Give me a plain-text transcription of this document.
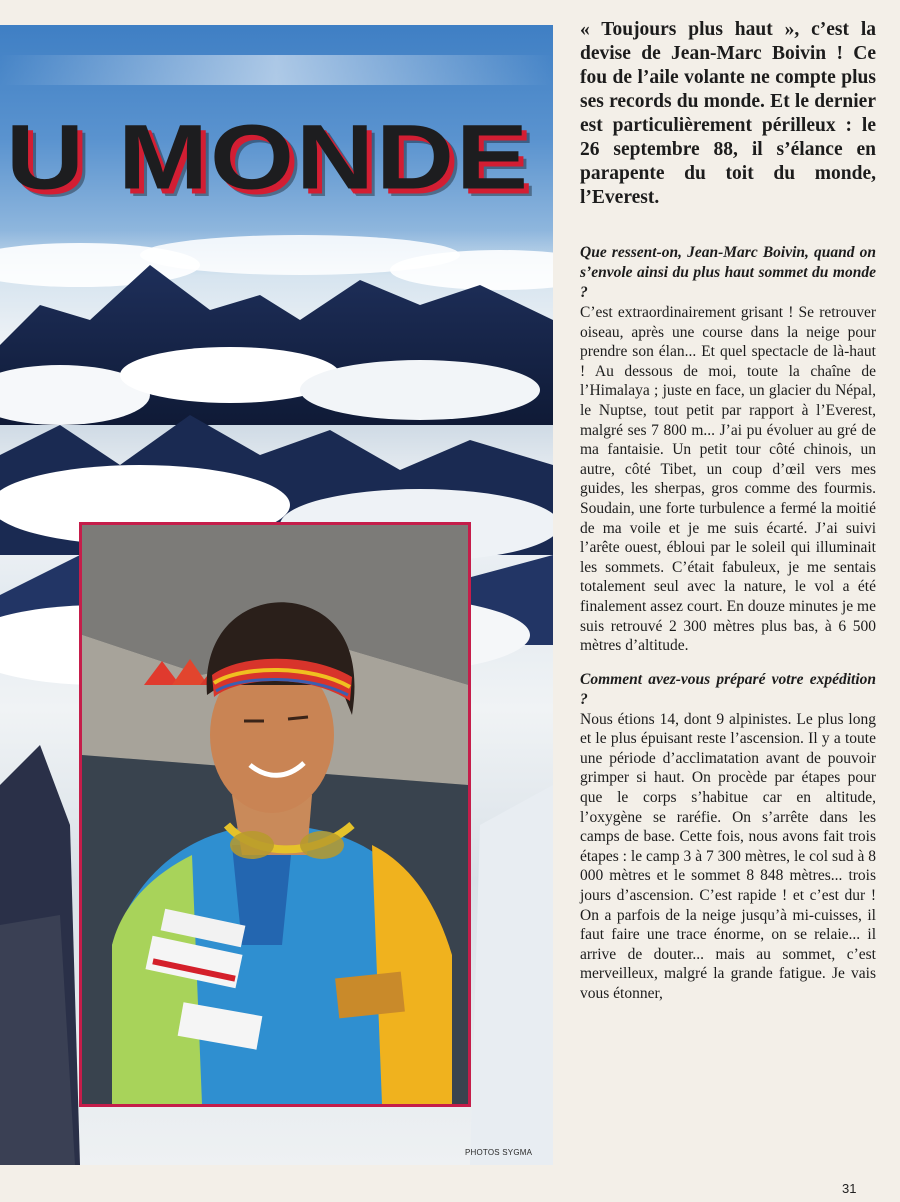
U MONDE
PHOTOS SYGMA

« Toujours plus haut », c’est la devise de Jean-Marc Boivin ! Ce fou de l’aile volante ne compte plus ses records du monde. Et le dernier est particulièrement périlleux : le 26 septembre 88, il s’élance en parapente du toit du monde, l’Everest.

Que ressent-on, Jean-Marc Boivin, quand on s’envole ainsi du plus haut sommet du monde ?

C’est extraordinairement grisant ! Se retrouver oiseau, après une course dans la neige pour prendre son élan... Et quel spectacle de là-haut ! Au dessous de moi, toute la chaîne de l’Himalaya ; juste en face, un glacier du Népal, le Nuptse, tout petit par rapport à l’Everest, malgré ses 7 800 m... J’ai pu évoluer au gré de ma fantaisie. Un petit tour côté chinois, un autre, côté Tibet, un coup d’œil vers mes guides, les sherpas, gros comme des fourmis. Soudain, une forte turbulence a fermé la moitié de ma voile et je me suis écarté. J’ai suivi l’arête ouest, ébloui par le soleil qui illuminait les sommets. C’était fabuleux, je me sentais totalement seul avec la nature, le vol a été finalement assez court. En douze minutes je me suis retrouvé 2 300 mètres plus bas, à 6 500 mètres d’altitude.

Comment avez-vous préparé votre expédition ?

Nous étions 14, dont 9 alpinistes. Le plus long et le plus épuisant reste l’ascension. Il y a toute une période d’acclimatation avant de pouvoir grimper si haut. On procède par étapes pour que le corps s’habitue car en altitude, l’oxygène se raréfie. On s’arrête dans les camps de base. Cette fois, nous avons fait trois étapes : le camp 3 à 7 300 mètres, le col sud à 8 000 mètres et le sommet 8 848 mètres... trois jours d’ascension. C’est rapide ! et c’est dur ! On a parfois de la neige jusqu’à mi-cuisses, il faut faire une trace énorme, on se relaie... il arrive de douter... mais au sommet, c’est merveilleux, malgré la grande fatigue. Je vais vous étonner,

31
